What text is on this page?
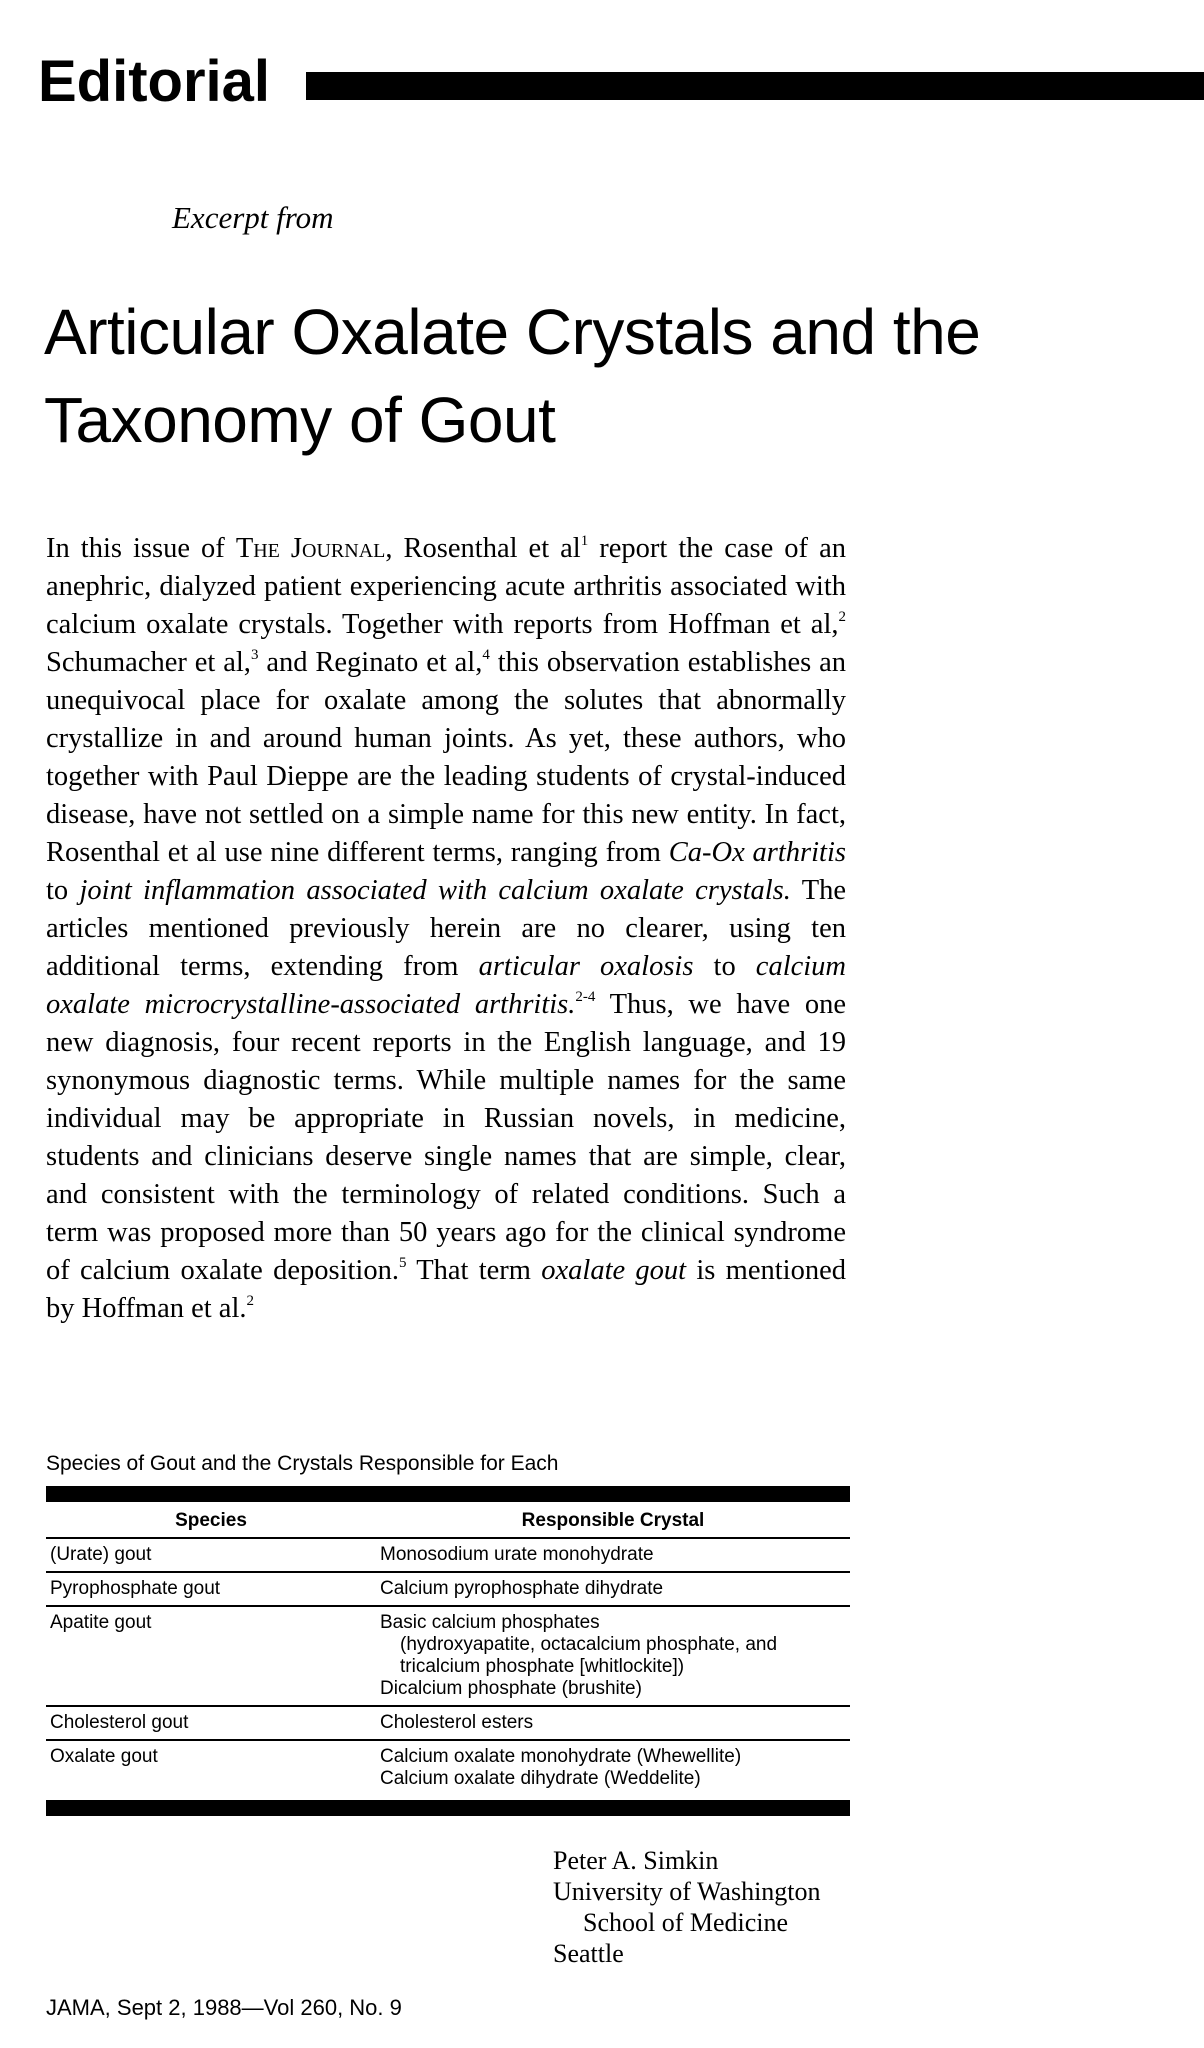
Editorial
Excerpt from
Articular Oxalate Crystals and the Taxonomy of Gout

In this issue of The Journal, Rosenthal et $al^1$ report the case of an anephric, dialyzed patient experiencing acute arthritis associated with calcium oxalate crystals. Together with reports from Hoffman et al,$^2$ Schumacher et al,$^3$ and Reginato et al,$^4$ this observation establishes an unequivocal place for oxalate among the solutes that abnormally crystallize in and around human joints. As yet, these authors, who together with Paul Dieppe are the leading students of crystal-induced disease, have not settled on a simple name for this new entity. In fact, Rosenthal et al use nine different terms, ranging from Ca-Ox arthritis to joint inflammation associated with calcium oxalate crystals. The articles mentioned previously herein are no clearer, using ten additional terms, extending from articular oxalosis to calcium oxalate microcrystalline-associated arthritis.$^{2-4}$ Thus, we have one new diagnosis, four recent reports in the English language, and 19 synonymous diagnostic terms. While multiple names for the same individual may be appropriate in Russian novels, in medicine, students and clinicians deserve single names that are simple, clear, and consistent with the terminology of related conditions. Such a term was proposed more than 50 years ago for the clinical syndrome of calcium oxalate deposition.$^5$ That term oxalate gout is mentioned by Hoffman et al.$^2$

Species of Gout and the Crystals Responsible for Each
Species	Responsible Crystal
(Urate) gout	Monosodium urate monohydrate

Pyrophosphate gout	Calcium pyrophosphate dihydrate

Apatite gout	Basic calcium phosphates
(hydroxyapatite, octacalcium phosphate, and
tricalcium phosphate [whitlockite])
Dicalcium phosphate (brushite)

Cholesterol gout	Cholesterol esters

Oxalate gout	Calcium oxalate monohydrate (Whewellite)
Calcium oxalate dihydrate (Weddelite)
Peter A. Simkin
University of Washington
School of Medicine
Seattle
JAMA, Sept 2, 1988—Vol 260, No. 9
